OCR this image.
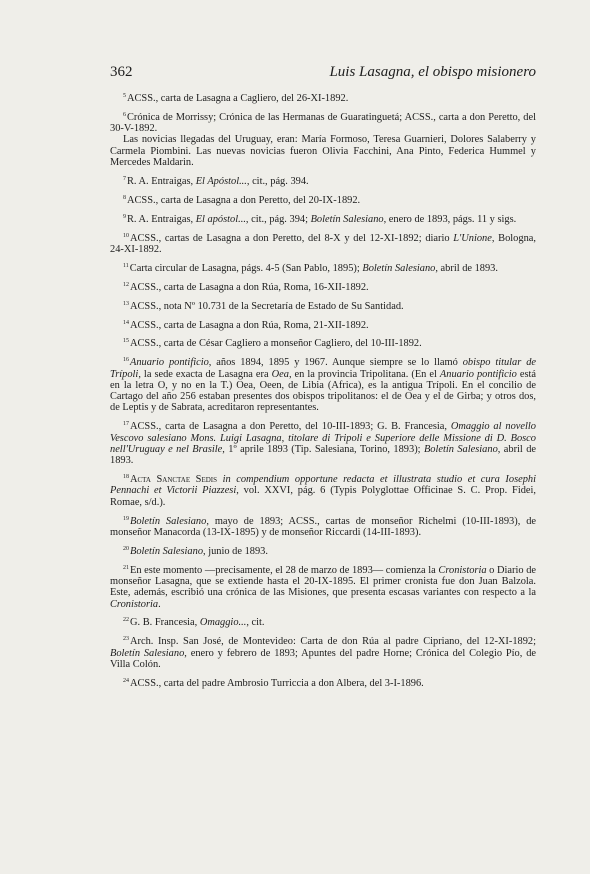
362	Luis Lasagna, el obispo misionero

$^5$ACSS., carta de Lasagna a Cagliero, del 26-XI-1892.

$^6$Crónica de Morrissy; Crónica de las Hermanas de Guaratinguetá; ACSS., carta a don Peretto, del 30-V-1892.

Las novicias llegadas del Uruguay, eran: María Formoso, Teresa Guarnieri, Dolores Salaberry y Carmela Piombini. Las nuevas novicias fueron Olivia Facchini, Ana Pinto, Federica Hummel y Mercedes Maldarin.

$^7$R. A. Entraigas, El Apóstol..., cit., pág. 394.

$^8$ACSS., carta de Lasagna a don Peretto, del 20-IX-1892.

$^9$R. A. Entraigas, El apóstol..., cit., pág. 394; Boletín Salesiano, enero de 1893, págs. 11 y sigs.

$^{10}$ACSS., cartas de Lasagna a don Peretto, del 8-X y del 12-XI-1892; diario L'Unione, Bologna, 24-XI-1892.

$^{11}$Carta circular de Lasagna, págs. 4-5 (San Pablo, 1895); Boletín Salesiano, abril de 1893.

$^{12}$ACSS., carta de Lasagna a don Rúa, Roma, 16-XII-1892.

$^{13}$ACSS., nota Nº 10.731 de la Secretaría de Estado de Su Santidad.

$^{14}$ACSS., carta de Lasagna a don Rúa, Roma, 21-XII-1892.

$^{15}$ACSS., carta de César Cagliero a monseñor Cagliero, del 10-III-1892.

$^{16}$Anuario pontificio, años 1894, 1895 y 1967. Aunque siempre se lo llamó obispo titular de Trípoli, la sede exacta de Lasagna era Oea, en la provincia Tripolitana. (En el Anuario pontificio está en la letra O, y no en la T.) Oea, Oeen, de Libia (Africa), es la antigua Trípoli. En el concilio de Cartago del año 256 estaban presentes dos obispos tripolitanos: el de Oea y el de Girba; y otros dos, de Leptis y de Sabrata, acreditaron representantes.

$^{17}$ACSS., carta de Lasagna a don Peretto, del 10-III-1893; G. B. Francesia, Omaggio al novello Vescovo salesiano Mons. Luigi Lasagna, titolare di Tripoli e Superiore delle Missione di D. Bosco nell'Uruguay e nel Brasile, 1º aprile 1893 (Tip. Salesiana, Torino, 1893); Boletín Salesiano, abril de 1893.

$^{18}$Acta Sanctae Sedis in compendium opportune redacta et illustrata studio et cura Iosephi Pennachi et Victorii Piazzesi, vol. XXVI, pág. 6 (Typis Polyglottae Officinae S. C. Prop. Fidei, Romae, s/d.).

$^{19}$Boletín Salesiano, mayo de 1893; ACSS., cartas de monseñor Richelmi (10-III-1893), de monseñor Manacorda (13-IX-1895) y de monseñor Riccardi (14-III-1893).

$^{20}$Boletín Salesiano, junio de 1893.

$^{21}$En este momento —precisamente, el 28 de marzo de 1893— comienza la Cronistoria o Diario de monseñor Lasagna, que se extiende hasta el 20-IX-1895. El primer cronista fue don Juan Balzola. Este, además, escribió una crónica de las Misiones, que presenta escasas variantes con respecto a la Cronistoria.

$^{22}$G. B. Francesia, Omaggio..., cit.

$^{23}$Arch. Insp. San José, de Montevideo: Carta de don Rúa al padre Cipriano, del 12-XI-1892; Boletín Salesiano, enero y febrero de 1893; Apuntes del padre Horne; Crónica del Colegio Pío, de Villa Colón.

$^{24}$ACSS., carta del padre Ambrosio Turriccia a don Albera, del 3-I-1896.
